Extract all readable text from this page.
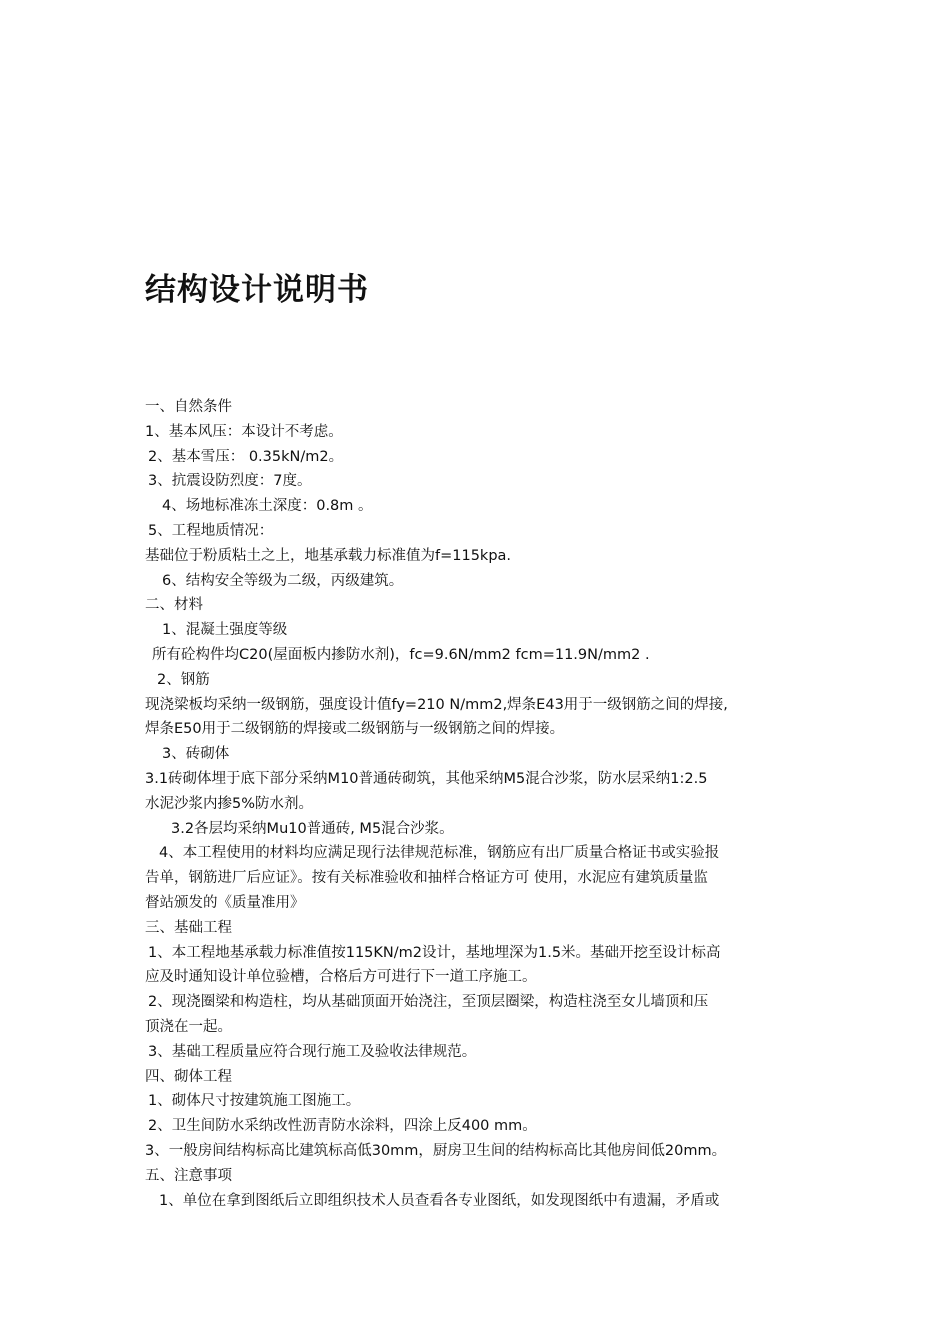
结构设计说明书
一、自然条件
1、基本风压：本设计不考虑。
2、基本雪压： 0.35kN/m2。
3、抗震设防烈度：7度。
4、场地标准冻土深度：0.8m 。
5、工程地质情况：
基础位于粉质粘土之上，地基承载力标准值为f=115kpa.
6、结构安全等级为二级，丙级建筑。
二、材料
1、混凝土强度等级
所有砼构件均C20(屋面板内掺防水剂)，fc=9.6N/mm2 fcm=11.9N/mm2 .
2、钢筋
现浇梁板均采纳一级钢筋，强度设计值fy=210 N/mm2,焊条E43用于一级钢筋之间的焊接,
焊条E50用于二级钢筋的焊接或二级钢筋与一级钢筋之间的焊接。
3、砖砌体
3.1砖砌体埋于底下部分采纳M10普通砖砌筑，其他采纳M5混合沙浆，防水层采纳1:2.5
水泥沙浆内掺5%防水剂。
3.2各层均采纳Mu10普通砖, M5混合沙浆。
4、本工程使用的材料均应满足现行法律规范标准，钢筋应有出厂质量合格证书或实验报
告单，钢筋进厂后应证》。按有关标准验收和抽样合格证方可 使用，水泥应有建筑质量监
督站颁发的《质量准用》
三、基础工程
1、本工程地基承载力标准值按115KN/m2设计，基地埋深为1.5米。基础开挖至设计标高
应及时通知设计单位验槽，合格后方可进行下一道工序施工。
2、现浇圈梁和构造柱，均从基础顶面开始浇注，至顶层圈梁，构造柱浇至女儿墙顶和压
顶浇在一起。
3、基础工程质量应符合现行施工及验收法律规范。
四、砌体工程
1、砌体尺寸按建筑施工图施工。
2、卫生间防水采纳改性沥青防水涂料，四涂上反400 mm。
3、一般房间结构标高比建筑标高低30mm，厨房卫生间的结构标高比其他房间低20mm。
五、注意事项
1、单位在拿到图纸后立即组织技术人员查看各专业图纸，如发现图纸中有遗漏，矛盾或
